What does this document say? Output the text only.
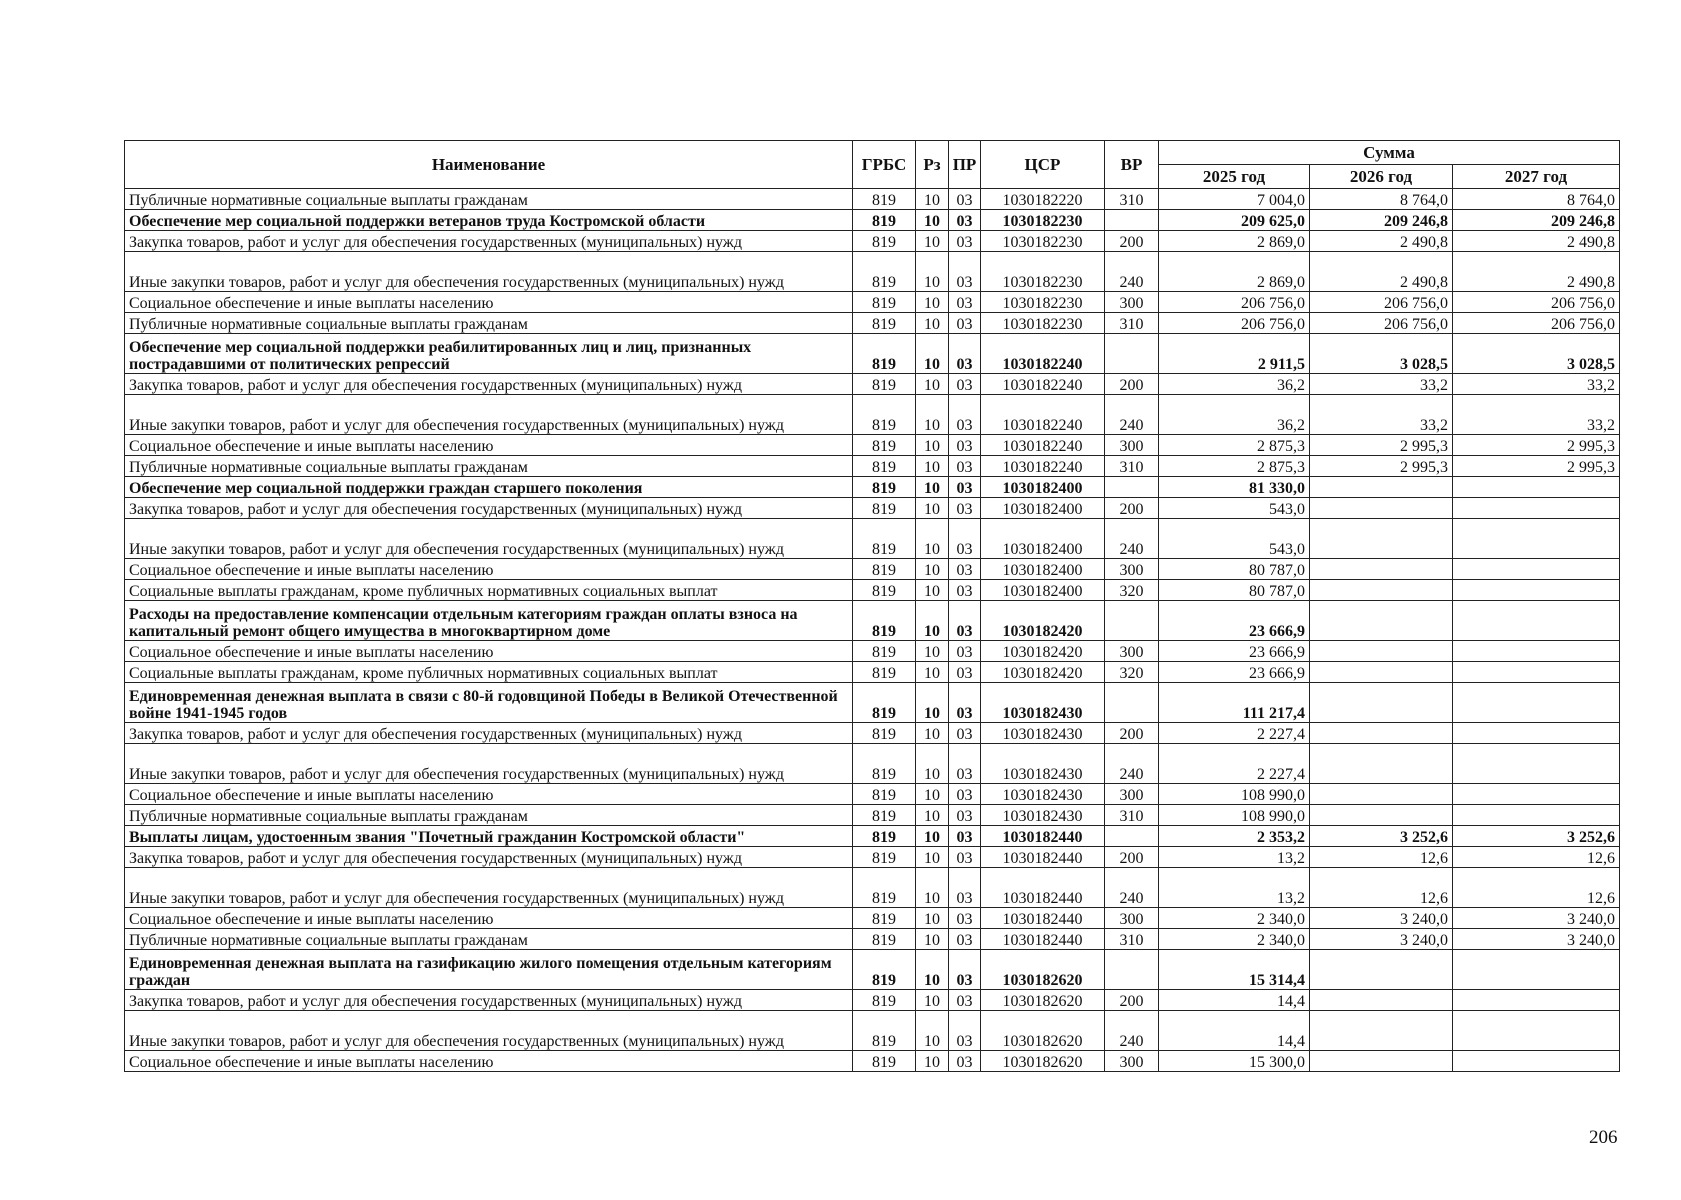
Наименование	ГРБС	Рз	ПР	ЦСР	ВР	Сумма		
						2025 год	2026 год	2027 год
Публичные нормативные социальные выплаты гражданам	819	10	03	1030182220	310	7 004,0	8 764,0	8 764,0
Обеспечение мер социальной поддержки ветеранов труда Костромской области	819	10	03	1030182230		209 625,0	209 246,8	209 246,8
Закупка товаров, работ и услуг для обеспечения государственных (муниципальных) нужд	819	10	03	1030182230	200	2 869,0	2 490,8	2 490,8
Иные закупки товаров, работ и услуг для обеспечения государственных (муниципальных) нужд	819	10	03	1030182230	240	2 869,0	2 490,8	2 490,8
Социальное обеспечение и иные выплаты населению	819	10	03	1030182230	300	206 756,0	206 756,0	206 756,0
Публичные нормативные социальные выплаты гражданам	819	10	03	1030182230	310	206 756,0	206 756,0	206 756,0
Обеспечение мер социальной поддержки реабилитированных лиц и лиц, признанных пострадавшими от политических репрессий	819	10	03	1030182240		2 911,5	3 028,5	3 028,5
Закупка товаров, работ и услуг для обеспечения государственных (муниципальных) нужд	819	10	03	1030182240	200	36,2	33,2	33,2
Иные закупки товаров, работ и услуг для обеспечения государственных (муниципальных) нужд	819	10	03	1030182240	240	36,2	33,2	33,2
Социальное обеспечение и иные выплаты населению	819	10	03	1030182240	300	2 875,3	2 995,3	2 995,3
Публичные нормативные социальные выплаты гражданам	819	10	03	1030182240	310	2 875,3	2 995,3	2 995,3
Обеспечение мер социальной поддержки граждан старшего поколения	819	10	03	1030182400		81 330,0		
Закупка товаров, работ и услуг для обеспечения государственных (муниципальных) нужд	819	10	03	1030182400	200	543,0		
Иные закупки товаров, работ и услуг для обеспечения государственных (муниципальных) нужд	819	10	03	1030182400	240	543,0		
Социальное обеспечение и иные выплаты населению	819	10	03	1030182400	300	80 787,0		
Социальные выплаты гражданам, кроме публичных нормативных социальных выплат	819	10	03	1030182400	320	80 787,0		
Расходы на предоставление компенсации отдельным категориям граждан оплаты взноса на капитальный ремонт общего имущества в многоквартирном доме	819	10	03	1030182420		23 666,9		
Социальное обеспечение и иные выплаты населению	819	10	03	1030182420	300	23 666,9		
Социальные выплаты гражданам, кроме публичных нормативных социальных выплат	819	10	03	1030182420	320	23 666,9		
Единовременная денежная выплата в связи с 80-й годовщиной Победы в Великой Отечественной войне 1941-1945 годов	819	10	03	1030182430		111 217,4		
Закупка товаров, работ и услуг для обеспечения государственных (муниципальных) нужд	819	10	03	1030182430	200	2 227,4		
Иные закупки товаров, работ и услуг для обеспечения государственных (муниципальных) нужд	819	10	03	1030182430	240	2 227,4		
Социальное обеспечение и иные выплаты населению	819	10	03	1030182430	300	108 990,0		
Публичные нормативные социальные выплаты гражданам	819	10	03	1030182430	310	108 990,0		
Выплаты лицам, удостоенным звания "Почетный гражданин Костромской области"	819	10	03	1030182440		2 353,2	3 252,6	3 252,6
Закупка товаров, работ и услуг для обеспечения государственных (муниципальных) нужд	819	10	03	1030182440	200	13,2	12,6	12,6
Иные закупки товаров, работ и услуг для обеспечения государственных (муниципальных) нужд	819	10	03	1030182440	240	13,2	12,6	12,6
Социальное обеспечение и иные выплаты населению	819	10	03	1030182440	300	2 340,0	3 240,0	3 240,0
Публичные нормативные социальные выплаты гражданам	819	10	03	1030182440	310	2 340,0	3 240,0	3 240,0
Единовременная денежная выплата на газификацию жилого помещения отдельным категориям граждан	819	10	03	1030182620		15 314,4		
Закупка товаров, работ и услуг для обеспечения государственных (муниципальных) нужд	819	10	03	1030182620	200	14,4		
Иные закупки товаров, работ и услуг для обеспечения государственных (муниципальных) нужд	819	10	03	1030182620	240	14,4		
Социальное обеспечение и иные выплаты населению	819	10	03	1030182620	300	15 300,0		
206
